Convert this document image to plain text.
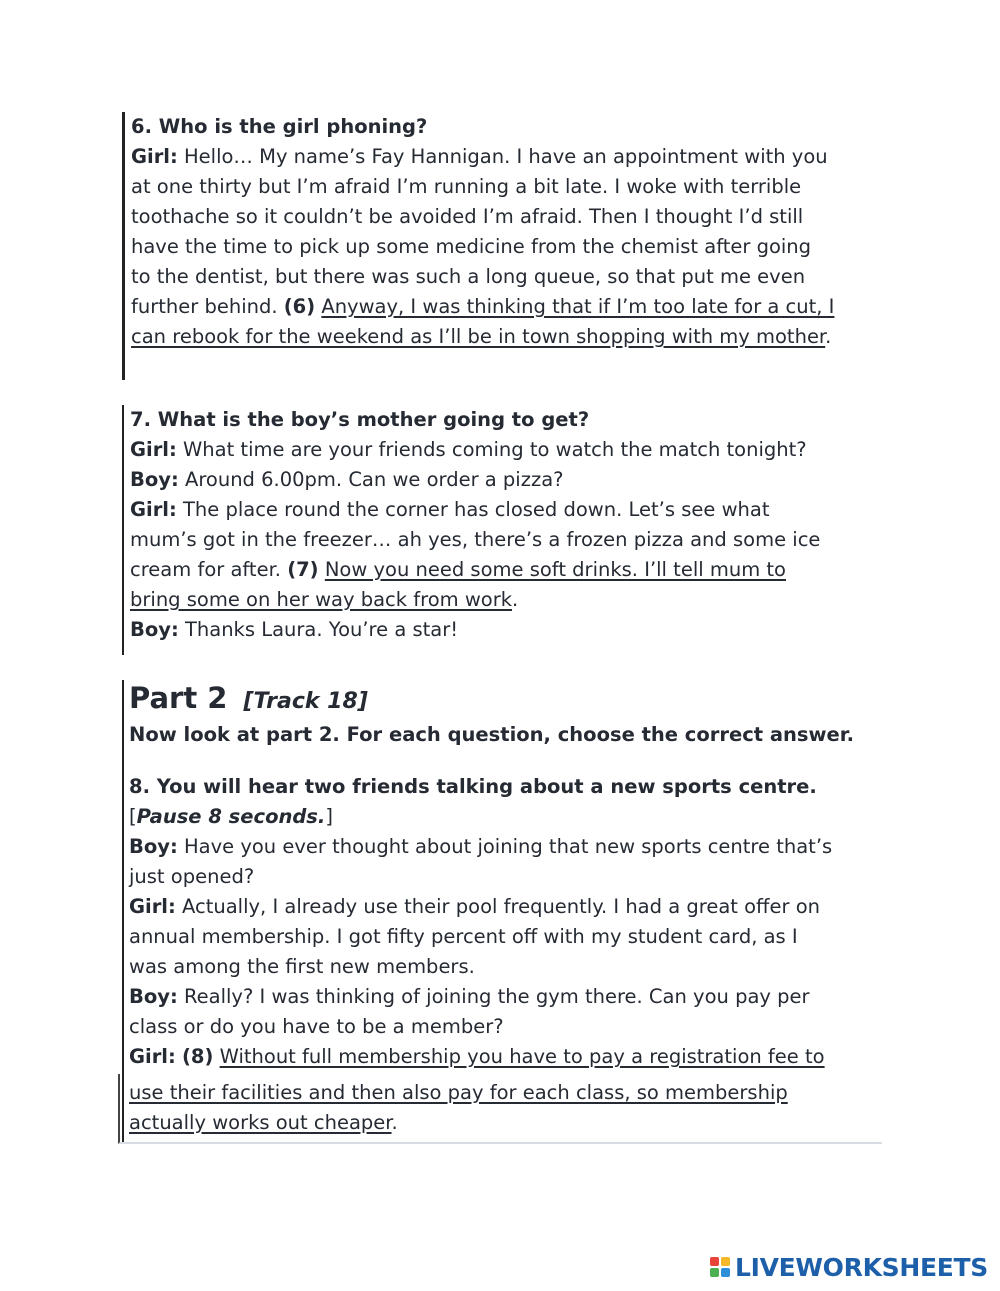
6. Who is the girl phoning?
Girl: Hello… My name’s Fay Hannigan. I have an appointment with you
at one thirty but I’m afraid I’m running a bit late. I woke with terrible
toothache so it couldn’t be avoided I’m afraid. Then I thought I’d still
have the time to pick up some medicine from the chemist after going
to the dentist, but there was such a long queue, so that put me even
further behind. (6) Anyway, I was thinking that if I’m too late for a cut, I
can rebook for the weekend as I’ll be in town shopping with my mother.
7. What is the boy’s mother going to get?
Girl: What time are your friends coming to watch the match tonight?
Boy: Around 6.00pm. Can we order a pizza?
Girl: The place round the corner has closed down. Let’s see what
mum’s got in the freezer… ah yes, there’s a frozen pizza and some ice
cream for after. (7) Now you need some soft drinks. I’ll tell mum to
bring some on her way back from work.
Boy: Thanks Laura. You’re a star!
Part 2 [Track 18]
Now look at part 2. For each question, choose the correct answer.
8. You will hear two friends talking about a new sports centre.
[Pause 8 seconds.]
Boy: Have you ever thought about joining that new sports centre that’s
just opened?
Girl: Actually, I already use their pool frequently. I had a great offer on
annual membership. I got fifty percent off with my student card, as I
was among the first new members.
Boy: Really? I was thinking of joining the gym there. Can you pay per
class or do you have to be a member?
Girl: (8) Without full membership you have to pay a registration fee to
use their facilities and then also pay for each class, so membership
actually works out cheaper.
LIVEWORKSHEETS
